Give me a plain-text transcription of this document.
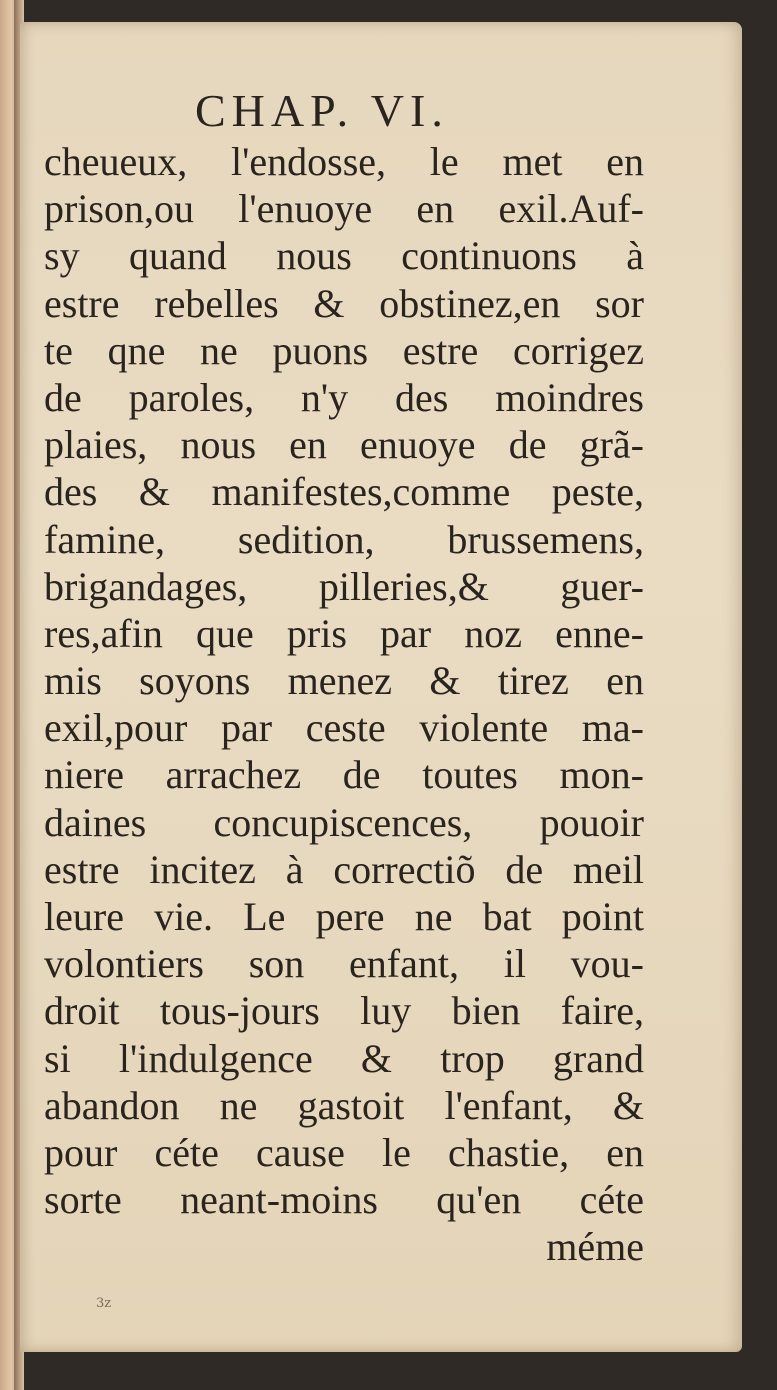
CHAP. VI.
cheueux, l'endosse, le met en
prison,ou l'enuoye en exil.Auf-
sy quand nous continuons à
estre rebelles & obstinez,en sor
te qne ne puons estre corrigez
de paroles, n'y des moindres
plaies, nous en enuoye de grã-
des & manifestes,comme peste,
famine, sedition, brussemens,
brigandages, pilleries,& guer-
res,afin que pris par noz enne-
mis soyons menez & tirez en
exil,pour par ceste violente ma-
niere arrachez de toutes mon-
daines concupiscences, pouoir
estre incitez à correctiõ de meil
leure vie. Le pere ne bat point
volontiers son enfant, il vou-
droit tous-jours luy bien faire,
si l'indulgence & trop grand
abandon ne gastoit l'enfant, &
pour céte cause le chastie, en
sorte neant-moins qu'en céte
méme
3z
